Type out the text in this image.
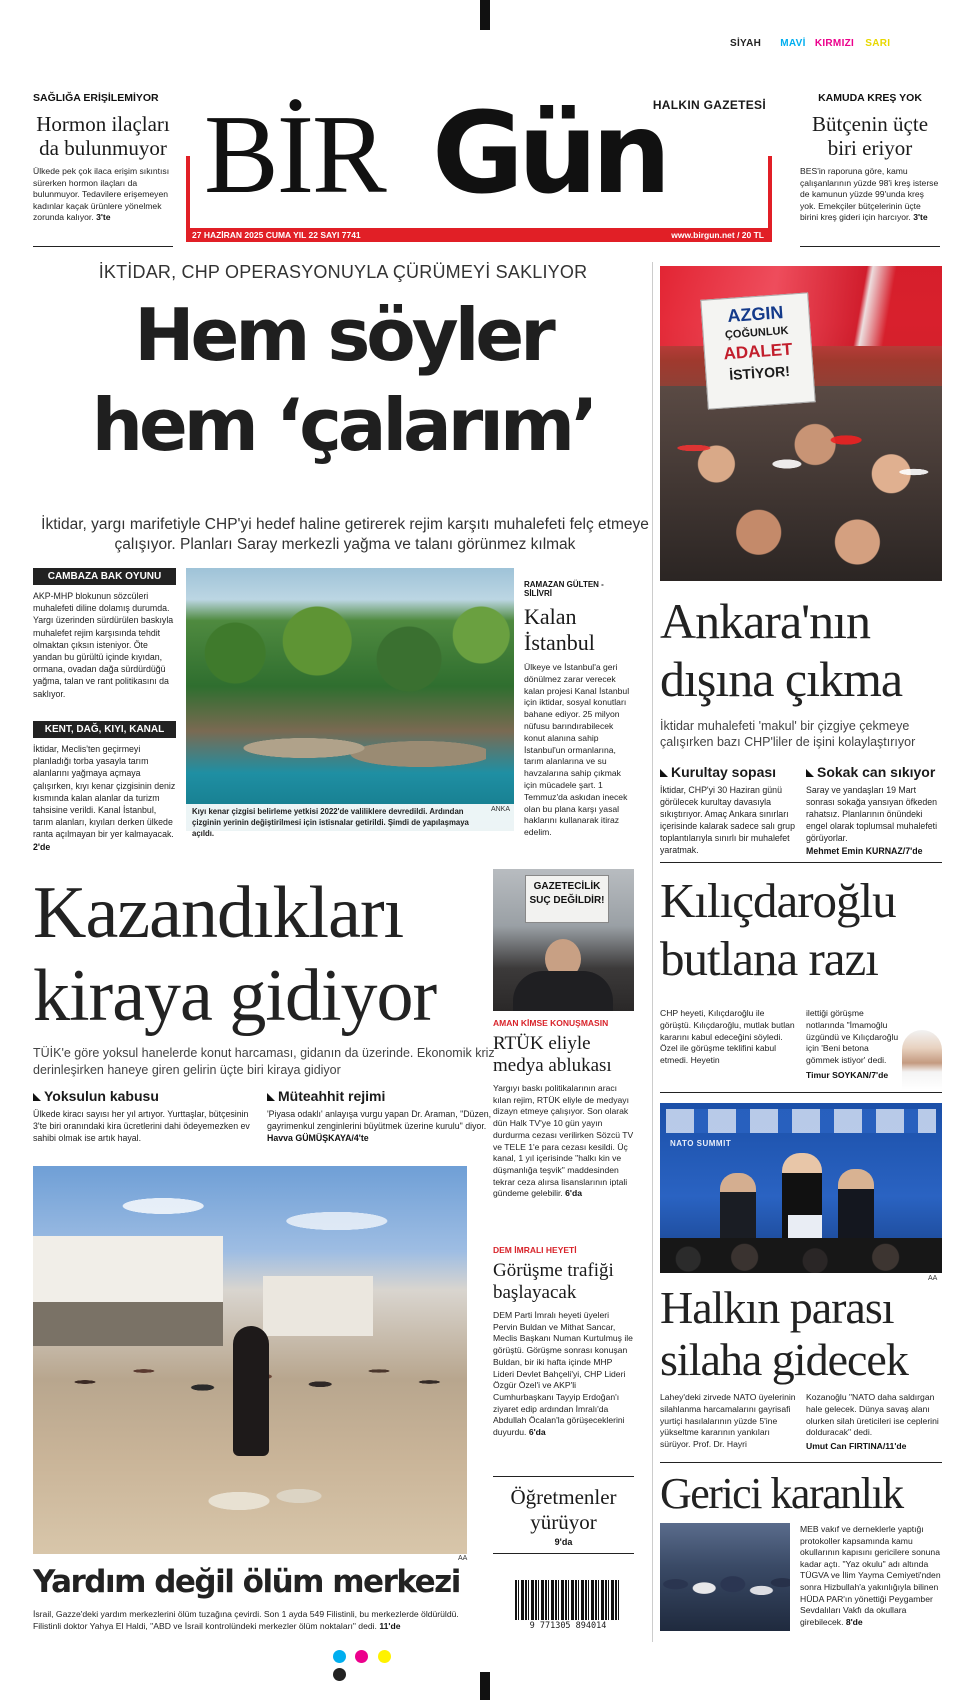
SİYAH MAVİ KIRMIZI SARI
SAĞLIĞA ERİŞİLEMİYOR
Hormon ilaçları da bulunmuyor
Ülkede pek çok ilaca erişim sıkıntısı sürerken hormon ilaçları da bulunmuyor. Tedavilere erişemeyen kadınlar kaçak ürünlere yönelmek zorunda kalıyor. 3'te BİR Gün
HALKIN GAZETESİ
27 HAZİRAN 2025 CUMA YIL 22 SAYI 7741	www.birgun.net / 20 TL
KAMUDA KREŞ YOK
Bütçenin üçte biri eriyor
BES'in raporuna göre, kamu çalışanlarının yüzde 98'i kreş isterse de kamunun yüzde 99'unda kreş yok. Emekçiler bütçelerinin üçte birini kreş gideri için harcıyor. 3'te
İKTİDAR, CHP OPERASYONUYLA ÇÜRÜMEYİ SAKLIYOR
Hem söyler
hem ‘çalarım’
İktidar, yargı marifetiyle CHP'yi hedef haline getirerek rejim karşıtı muhalefeti felç etmeye çalışıyor. Planları Saray merkezli yağma ve talanı görünmez kılmak
AZGIN
ÇOĞUNLUK
ADALET
İSTİYOR!
CAMBAZA BAK OYUNU
AKP-MHP blokunun sözcüleri muhalefeti diline dolamış durumda. Yargı üzerinden sürdürülen baskıyla muhalefet rejim karşısında tehdit olmaktan çıksın isteniyor. Öte yandan bu gürültü içinde kıyıdan, ormana, ovadan dağa sürdürdüğü yağma, talan ve rant politikasını da saklıyor.
KENT, DAĞ, KIYI, KANAL
İktidar, Meclis'ten geçirmeyi planladığı torba yasayla tarım alanlarını yağmaya açmaya çalışırken, kıyı kenar çizgisinin deniz kısmında kalan alanlar da turizm tahsisine verildi. Kanal İstanbul, tarım alanları, kıyıları derken ülkede ranta açılmayan bir yer kalmayacak. 2'de
Kıyı kenar çizgisi belirleme yetkisi 2022'de valiliklere devredildi. Ardından çizginin yerinin değiştirilmesi için istisnalar getirildi. Şimdi de yapılaşmaya açıldı.
ANKA
RAMAZAN GÜLTEN - SİLİVRİ
Kalan İstanbul
Ülkeye ve İstanbul'a geri dönülmez zarar verecek kalan projesi Kanal İstanbul için iktidar, sosyal konutları bahane ediyor. 25 milyon nüfusu barındırabilecek konut alanına sahip İstanbul'un ormanlarına, tarım alanlarına ve su havzalarına sahip çıkmak için mücadele şart. 1 Temmuz'da askıdan inecek olan bu plana karşı yasal haklarını kullanarak itiraz edelim.
Ankara'nın dışına çıkma
İktidar muhalefeti 'makul' bir çizgiye çekmeye çalışırken bazı CHP'liler de işini kolaylaştırıyor
Kurultay sopası
İktidar, CHP'yi 30 Haziran günü görülecek kurultay davasıyla sıkıştırıyor. Amaç Ankara sınırları içerisinde kalarak sadece salı grup toplantılarıyla sınırlı bir muhalefet yaratmak.
Sokak can sıkıyor
Saray ve yandaşları 19 Mart sonrası sokağa yansıyan öfkeden rahatsız. Planlarının önündeki engel olarak toplumsal muhalefeti görüyorlar.
Mehmet Emin KURNAZ/7'de
Kazandıkları
kiraya gidiyor
TÜİK'e göre yoksul hanelerde konut harcaması, gidanın da üzerinde. Ekonomik kriz derinleşirken haneye giren gelirin üçte biri kiraya gidiyor
Yoksulun kabusu
Ülkede kiracı sayısı her yıl artıyor. Yurttaşlar, bütçesinin 3'te biri oranındaki kira ücretlerini dahi ödeyemezken ev sahibi olmak ise artık hayal.
Müteahhit rejimi
'Piyasa odaklı' anlayışa vurgu yapan Dr. Araman, "Düzen, gayrimenkul zenginlerini büyütmek üzerine kurulu" diyor. Havva GÜMÜŞKAYA/4'te
GAZETECİLİK
SUÇ DEĞİLDİR!
AMAN KİMSE KONUŞMASIN
RTÜK eliyle medya ablukası
Yargıyı baskı politikalarının aracı kılan rejim, RTÜK eliyle de medyayı dizayn etmeye çalışıyor. Son olarak dün Halk TV'ye 10 gün yayın durdurma cezası verilirken Sözcü TV ve TELE 1'e para cezası kesildi. Üç kanal, 1 yıl içerisinde "halkı kin ve düşmanlığa teşvik" maddesinden tekrar ceza alırsa lisanslarının iptali gündeme gelebilir. 6'da
Kılıçdaroğlu
butlana razı
CHP heyeti, Kılıçdaroğlu ile görüştü. Kılıçdaroğlu, mutlak butlan kararını kabul edeceğini söyledi. Özel ile görüşme teklifini kabul etmedi. Heyetin
ilettiği görüşme notlarında "İmamoğlu üzgündü ve Kılıçdaroğlu için 'Beni betona gömmek istiyor' dedi.
Timur SOYKAN/7'de
NATO SUMMIT
AA
Halkın parası
silaha gidecek
Lahey'deki zirvede NATO üyelerinin silahlanma harcamalarını gayrisafi yurtiçi hasılalarının yüzde 5'ine yükseltme kararının yankıları sürüyor. Prof. Dr. Hayri
Kozanoğlu "NATO daha saldırgan hale gelecek. Dünya savaş alanı olurken silah üreticileri ise ceplerini dolduracak" dedi.
Umut Can FIRTINA/11'de
DEM İMRALI HEYETİ
Görüşme trafiği başlayacak
DEM Parti İmralı heyeti üyeleri Pervin Buldan ve Mithat Sancar, Meclis Başkanı Numan Kurtulmuş ile görüştü. Görüşme sonrası konuşan Buldan, bir iki hafta içinde MHP Lideri Devlet Bahçeli'yi, CHP Lideri Özgür Özel'i ve AKP'li Cumhurbaşkanı Tayyip Erdoğan'ı ziyaret edip ardından İmralı'da Abdullah Öcalan'la görüşeceklerini duyurdu. 6'da
Öğretmenler yürüyor
9'da
9 771305 894014
AA
Yardım değil ölüm merkezi
İsrail, Gazze'deki yardım merkezlerini ölüm tuzağına çevirdi. Son 1 ayda 549 Filistinli, bu merkezlerde öldürüldü. Filistinli doktor Yahya El Haldi, "ABD ve İsrail kontrolündeki merkezler ölüm noktaları" dedi. 11'de
Gerici karanlık
MEB vakıf ve derneklerle yaptığı protokoller kapsamında kamu okullarının kapısını gericilere sonuna kadar açtı. "Yaz okulu" adı altında TÜGVA ve İlim Yayma Cemiyeti'nden sonra Hizbullah'a yakınlığıyla bilinen HÜDA PAR'ın yönettiği Peygamber Sevdalıları Vakfı da okullara girebilecek. 8'de
